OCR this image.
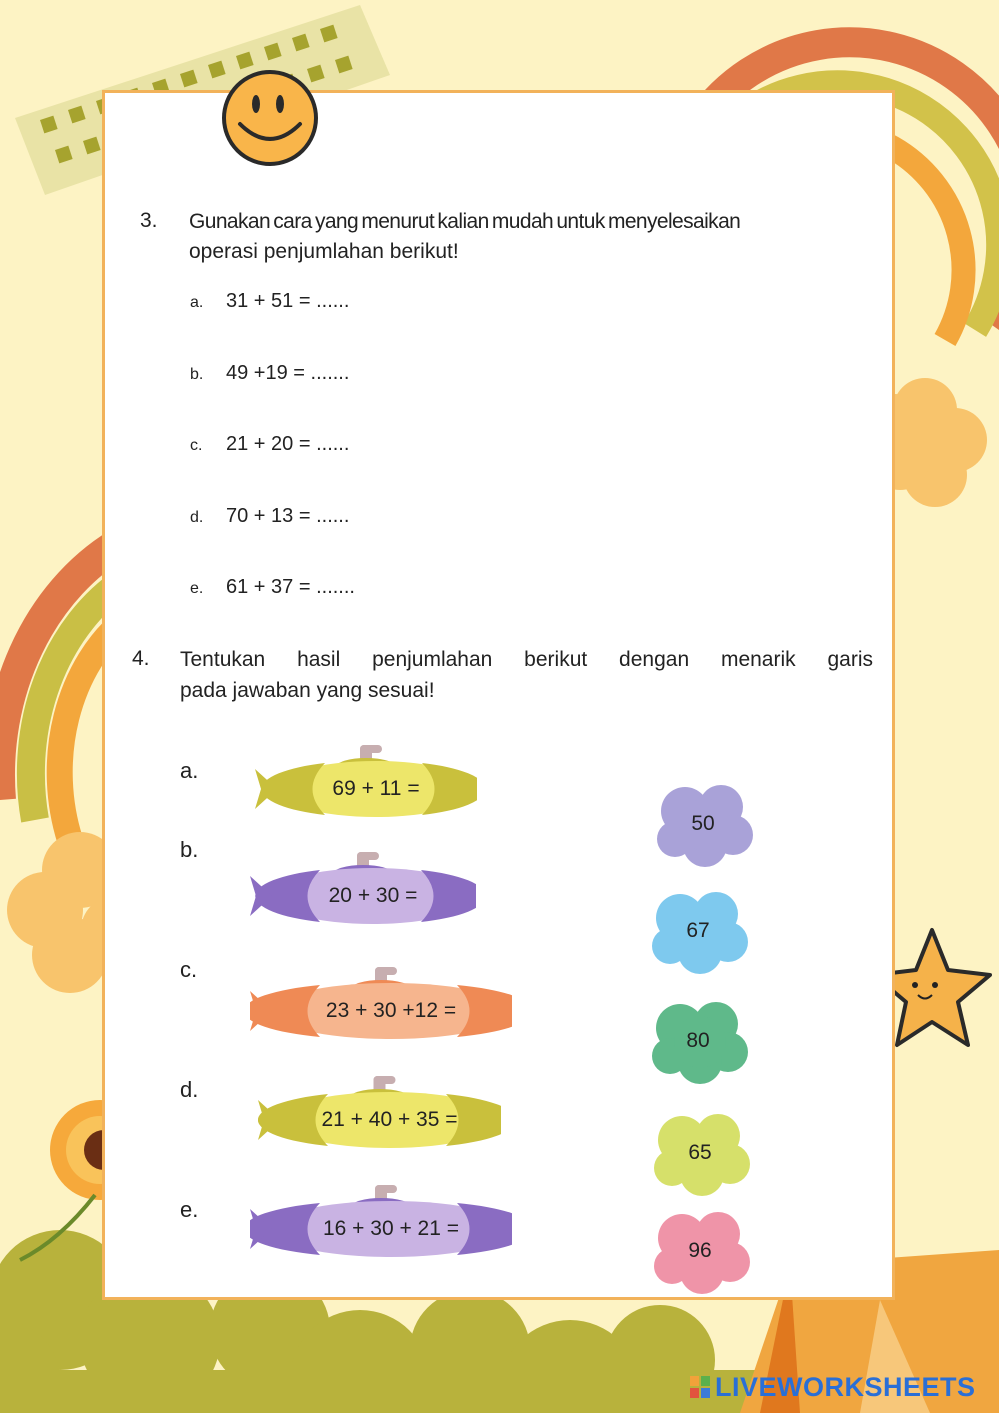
3. Gunakan cara yang menurut kalian mudah untuk menyelesaikan
operasi penjumlahan berikut!
a. 31 + 51 = ......
b. 49 +19 = .......
c. 21 + 20 = ......
d. 70 + 13 = ......
e. 61 + 37 = .......
4. Tentukan hasil penjumlahan berikut dengan menarik garis
pada jawaban yang sesuai!
a.
b.
c.
d.
e.
69 + 11 =
20 + 30 =
23 + 30 +12 =
21 + 40 + 35 =
16 + 30 + 21 =
50
67
80
65
96
LIVEWORKSHEETS
